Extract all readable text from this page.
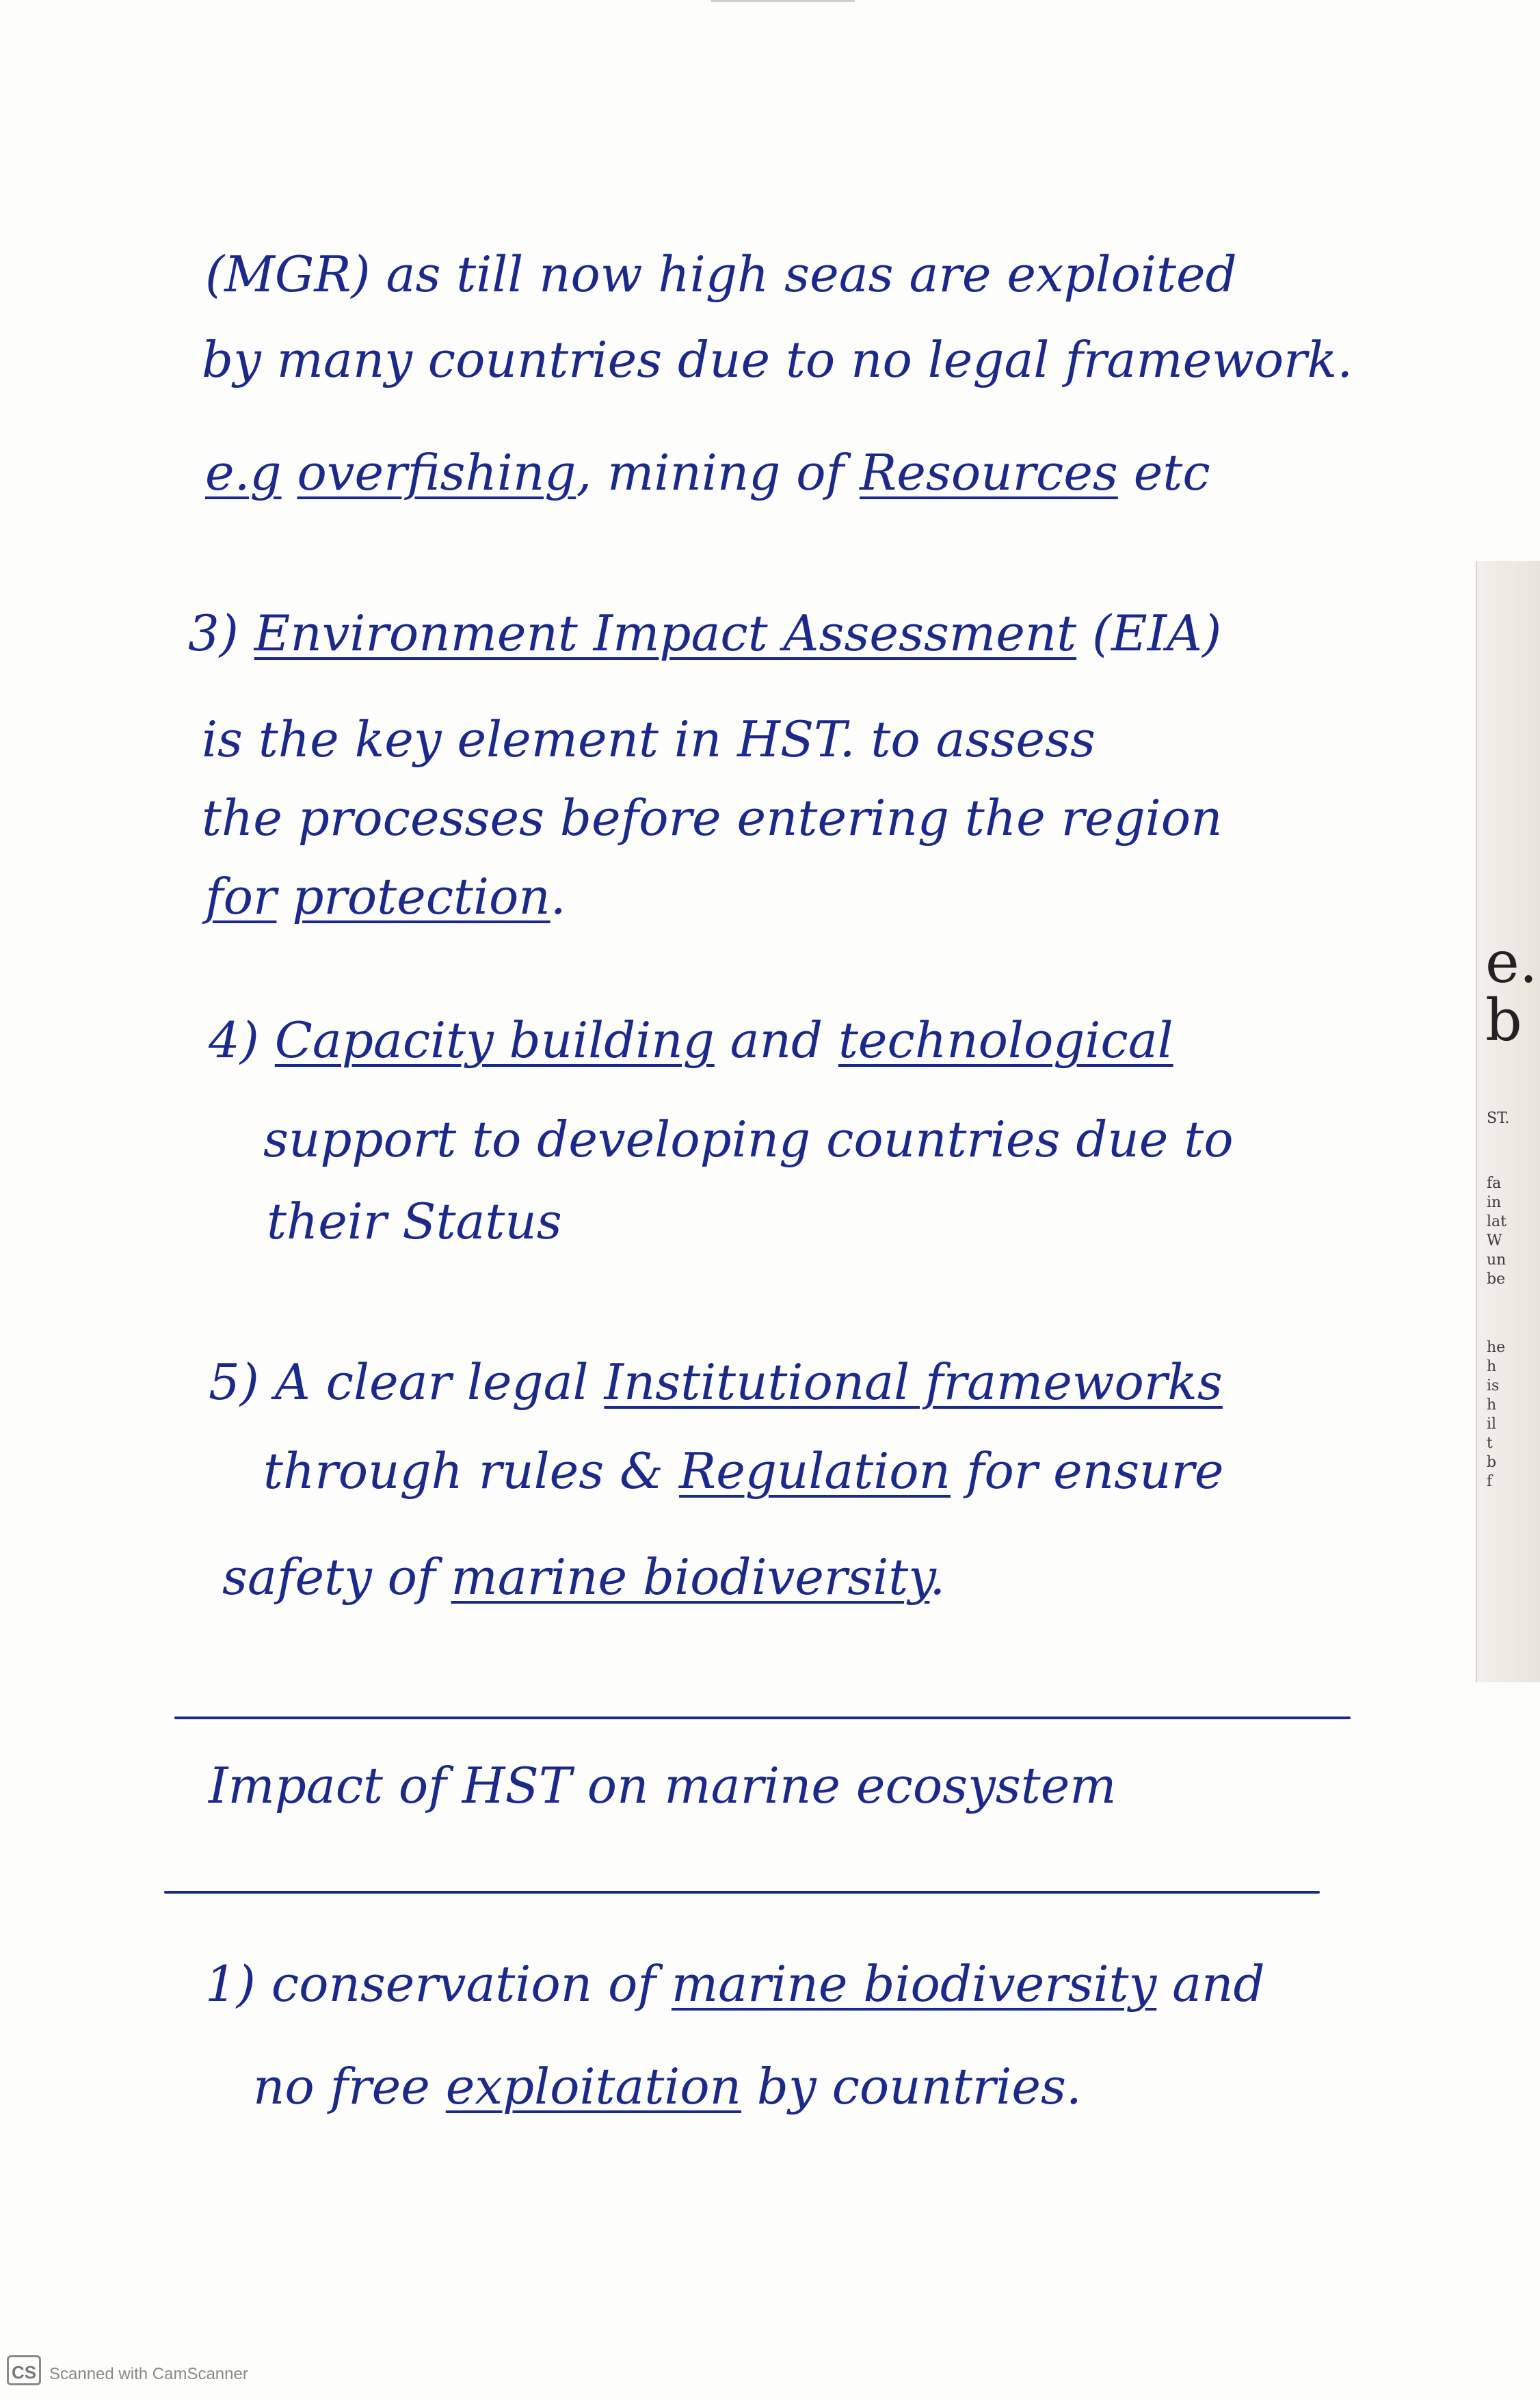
(MGR) as till now high seas are exploited
by many countries due to no legal framework.
e.g overfishing, mining of Resources etc
3) Environment Impact Assessment (EIA)
is the key element in HST. to assess
the processes before entering the region
for protection.
4) Capacity building and technological
support to developing countries due to
their Status
5) A clear legal Institutional frameworks
through rules & Regulation for ensure
safety of marine biodiversity.
Impact of HST on marine ecosystem
1) conservation of marine biodiversity and
no free exploitation by countries.
e.
b
ST.
fa
in
lat
W
un
be
he
h
is
h
il
t
b
f
CS Scanned with CamScanner
